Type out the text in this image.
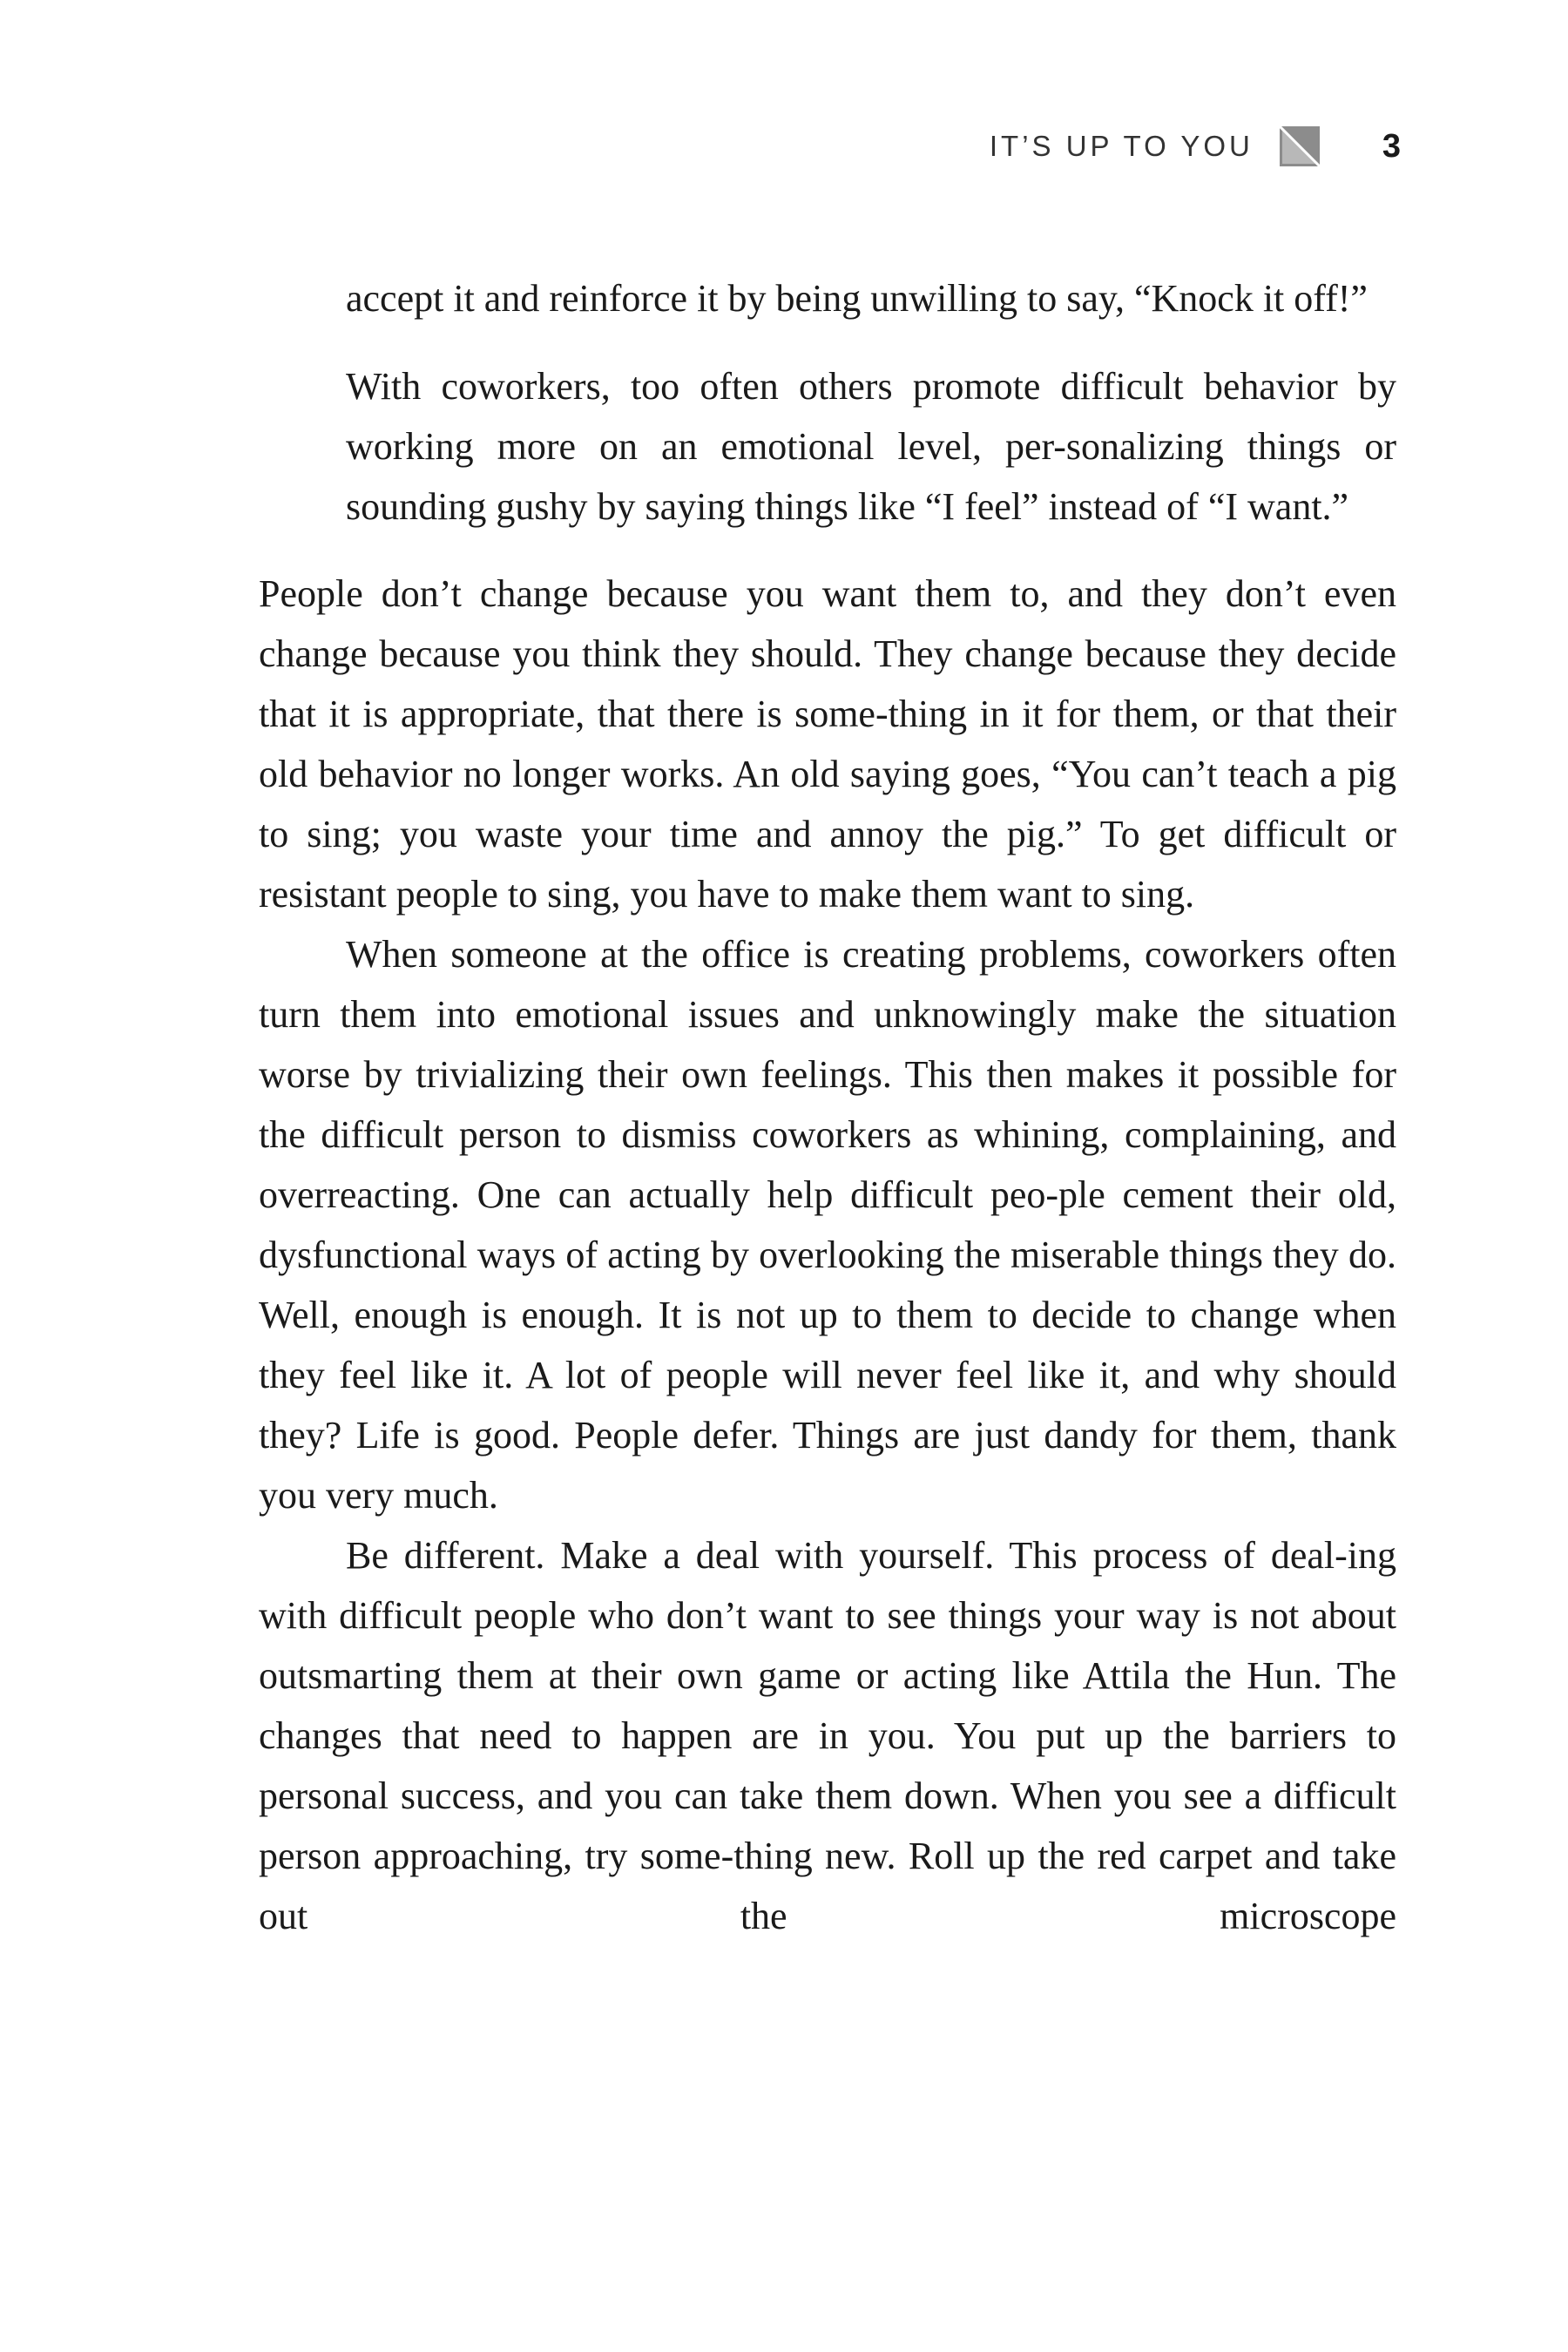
IT’S UP TO YOU	3

accept it and reinforce it by being unwilling to say, “Knock it off!”

With coworkers, too often others promote difficult behavior by working more on an emotional level, per-sonalizing things or sounding gushy by saying things like “I feel” instead of “I want.”

People don’t change because you want them to, and they don’t even change because you think they should. They change because they decide that it is appropriate, that there is some-thing in it for them, or that their old behavior no longer works. An old saying goes, “You can’t teach a pig to sing; you waste your time and annoy the pig.” To get difficult or resistant people to sing, you have to make them want to sing.

When someone at the office is creating problems, coworkers often turn them into emotional issues and unknowingly make the situation worse by trivializing their own feelings. This then makes it possible for the difficult person to dismiss coworkers as whining, complaining, and overreacting. One can actually help difficult peo-ple cement their old, dysfunctional ways of acting by overlooking the miserable things they do. Well, enough is enough. It is not up to them to decide to change when they feel like it. A lot of people will never feel like it, and why should they? Life is good. People defer. Things are just dandy for them, thank you very much.

Be different. Make a deal with yourself. This process of deal-ing with difficult people who don’t want to see things your way is not about outsmarting them at their own game or acting like Attila the Hun. The changes that need to happen are in you. You put up the barriers to personal success, and you can take them down. When you see a difficult person approaching, try some-thing new. Roll up the red carpet and take out the microscope
